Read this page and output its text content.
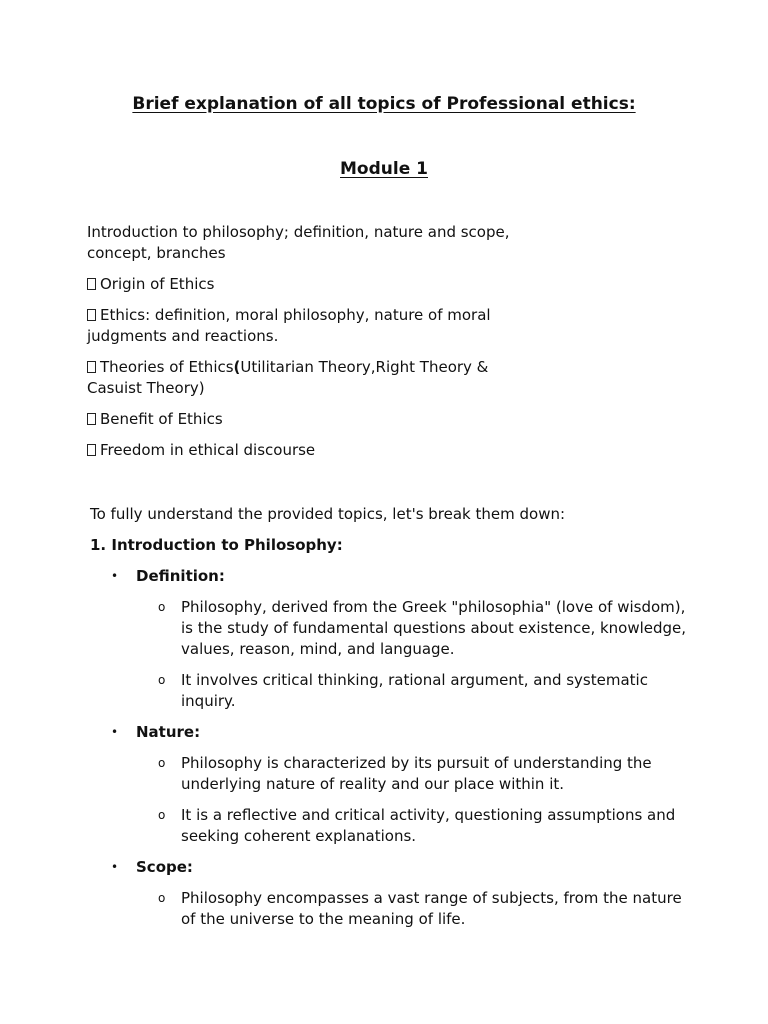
Brief explanation of all topics of Professional ethics:
Module 1

Introduction to philosophy; definition, nature and scope, concept, branches

Origin of Ethics

Ethics: definition, moral philosophy, nature of moral judgments and reactions.

Theories of Ethics(Utilitarian Theory,Right Theory & Casuist Theory)

Benefit of Ethics

Freedom in ethical discourse

To fully understand the provided topics, let's break them down:

1. Introduction to Philosophy:

• Definition:
o Philosophy, derived from the Greek "philosophia" (love of wisdom), is the study of fundamental questions about existence, knowledge, values, reason, mind, and language.
o It involves critical thinking, rational argument, and systematic inquiry.
• Nature:
o Philosophy is characterized by its pursuit of understanding the underlying nature of reality and our place within it.
o It is a reflective and critical activity, questioning assumptions and seeking coherent explanations.
• Scope:
o Philosophy encompasses a vast range of subjects, from the nature of the universe to the meaning of life.
